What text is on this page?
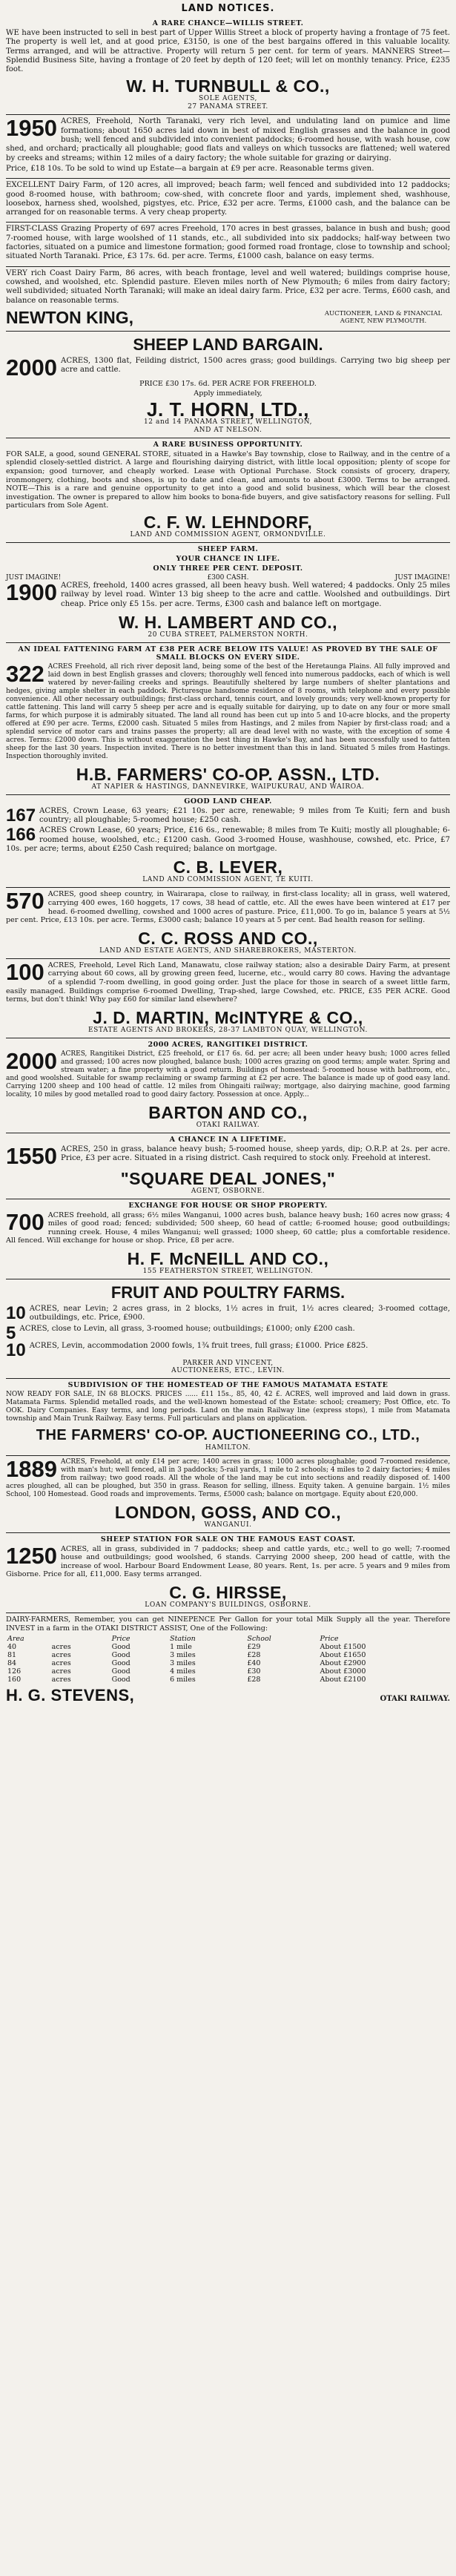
LAND NOTICES.
A RARE CHANCE—WILLIS STREET.

WE have been instructed to sell in best part of Upper Willis Street a block of property having a frontage of 75 feet. The property is well let, and at good price, £3150, is one of the best bargains offered in this valuable locality. Terms arranged, and will be attractive. Property will return 5 per cent. for term of years. MANNERS Street—Splendid Business Site, having a frontage of 20 feet by depth of 120 feet; will let on monthly tenancy. Price, £235 foot.

W. H. TURNBULL & CO.,
SOLE AGENTS,
27 PANAMA STREET.
1950 ACRES, Freehold, North Taranaki, very rich level, and undulating land on pumice and lime formations; about 1650 acres laid down in best of mixed English grasses and the balance in good bush; well fenced and subdivided into convenient paddocks; 6-roomed house, with wash house, cow shed, and orchard; practically all ploughable; good flats and valleys on which tussocks are flattened; well watered by creeks and streams; within 12 miles of a dairy factory; the whole suitable for grazing or dairying.

Price, £18 10s. To be sold to wind up Estate—a bargain at £9 per acre. Reasonable terms given.

EXCELLENT Dairy Farm, of 120 acres, all improved; beach farm; well fenced and subdivided into 12 paddocks; good 8-roomed house, with bathroom; cow-shed, with concrete floor and yards, implement shed, washhouse, loosebox, harness shed, woolshed, pigstyes, etc. Price, £32 per acre. Terms, £1000 cash, and the balance can be arranged for on reasonable terms. A very cheap property.

FIRST-CLASS Grazing Property of 697 acres Freehold, 170 acres in best grasses, balance in bush and bush; good 7-roomed house, with large woolshed of 11 stands, etc., all subdivided into six paddocks; half-way between two factories, situated on a pumice and limestone formation; good formed road frontage, close to township and school; situated North Taranaki. Price, £3 17s. 6d. per acre. Terms, £1000 cash, balance on easy terms.

VERY rich Coast Dairy Farm, 86 acres, with beach frontage, level and well watered; buildings comprise house, cowshed, and woolshed, etc. Splendid pasture. Eleven miles north of New Plymouth; 6 miles from dairy factory; well subdivided; situated North Taranaki; will make an ideal dairy farm. Price, £32 per acre. Terms, £600 cash, and balance on reasonable terms.

NEWTON KING,	AUCTIONEER, LAND & FINANCIAL AGENT, NEW PLYMOUTH.
SHEEP LAND BARGAIN.
2000 ACRES, 1300 flat, Feilding district, 1500 acres grass; good buildings. Carrying two big sheep per acre and cattle.

PRICE £30 17s. 6d. PER ACRE FOR FREEHOLD.
Apply immediately,
J. T. HORN, LTD.,
12 and 14 PANAMA STREET, WELLINGTON,
AND AT NELSON.
A RARE BUSINESS OPPORTUNITY.

FOR SALE, a good, sound GENERAL STORE, situated in a Hawke's Bay township, close to Railway, and in the centre of a splendid closely-settled district. A large and flourishing dairying district, with little local opposition; plenty of scope for expansion; good turnover, and cheaply worked. Lease with Optional Purchase. Stock consists of grocery, drapery, ironmongery, clothing, boots and shoes, is up to date and clean, and amounts to about £3000. Terms to be arranged. NOTE—This is a rare and genuine opportunity to get into a good and solid business, which will bear the closest investigation. The owner is prepared to allow him books to bona-fide buyers, and give satisfactory reasons for selling. Full particulars from Sole Agent.

C. F. W. LEHNDORF,
LAND AND COMMISSION AGENT, ORMONDVILLE.
SHEEP FARM.
YOUR CHANCE IN LIFE.
ONLY THREE PER CENT. DEPOSIT.
JUST IMAGINE!	£300 CASH.	JUST IMAGINE!
1900 ACRES, freehold, 1400 acres grassed, all been heavy bush. Well watered; 4 paddocks. Only 25 miles railway by level road. Winter 13 big sheep to the acre and cattle. Woolshed and outbuildings. Dirt cheap. Price only £5 15s. per acre. Terms, £300 cash and balance left on mortgage.

W. H. LAMBERT AND CO.,
20 CUBA STREET, PALMERSTON NORTH.
AN IDEAL FATTENING FARM AT £38 PER ACRE BELOW ITS VALUE! AS PROVED BY THE SALE OF SMALL BLOCKS ON EVERY SIDE.
322 ACRES Freehold, all rich river deposit land, being some of the best of the Heretaunga Plains. All fully improved and laid down in best English grasses and clovers; thoroughly well fenced into numerous paddocks, each of which is well watered by never-failing creeks and springs. Beautifully sheltered by large numbers of shelter plantations and hedges, giving ample shelter in each paddock. Picturesque handsome residence of 8 rooms, with telephone and every possible convenience. All other necessary outbuildings; first-class orchard, tennis court, and lovely grounds; very well-known property for cattle fattening. This land will carry 5 sheep per acre and is equally suitable for dairying, up to date on any four or more small farms, for which purpose it is admirably situated. The land all round has been cut up into 5 and 10-acre blocks, and the property offered at £90 per acre. Terms, £2000 cash. Situated 5 miles from Hastings, and 2 miles from Napier by first-class road; and a splendid service of motor cars and trains passes the property; all are dead level with no waste, with the exception of some 4 acres. Terms: £2000 down. This is without exaggeration the best thing in Hawke's Bay, and has been successfully used to fatten sheep for the last 30 years. Inspection invited. There is no better investment than this in land. Situated 5 miles from Hastings. Inspection thoroughly invited.

H.B. FARMERS' CO-OP. ASSN., LTD.
AT NAPIER & HASTINGS, DANNEVIRKE, WAIPUKURAU, AND WAIROA.
GOOD LAND CHEAP.
167 ACRES, Crown Lease, 63 years; £21 10s. per acre, renewable; 9 miles from Te Kuiti; fern and bush country; all ploughable; 5-roomed house; £250 cash.

166 ACRES Crown Lease, 60 years; Price, £16 6s., renewable; 8 miles from Te Kuiti; mostly all ploughable; 6-roomed house, woolshed, etc.; £1200 cash. Good 3-roomed House, washhouse, cowshed, etc. Price, £7 10s. per acre; terms, about £250 Cash required; balance on mortgage.

C. B. LEVER,
LAND AND COMMISSION AGENT, TE KUITI.
570 ACRES, good sheep country, in Wairarapa, close to railway, in first-class locality; all in grass, well watered, carrying 400 ewes, 160 hoggets, 17 cows, 38 head of cattle, etc. All the ewes have been wintered at £17 per head. 6-roomed dwelling, cowshed and 1000 acres of pasture. Price, £11,000. To go in, balance 5 years at 5½ per cent. Price, £13 10s. per acre. Terms, £3000 cash; balance 10 years at 5 per cent. Bad health reason for selling.

C. C. ROSS AND CO.,
LAND AND ESTATE AGENTS, AND SHAREBROKERS, MASTERTON.
100 ACRES, Freehold, Level Rich Land, Manawatu, close railway station; also a desirable Dairy Farm, at present carrying about 60 cows, all by growing green feed, lucerne, etc., would carry 80 cows. Having the advantage of a splendid 7-room dwelling, in good going order. Just the place for those in search of a sweet little farm, easily managed. Buildings comprise 6-roomed Dwelling, Trap-shed, large Cowshed, etc. PRICE, £35 PER ACRE. Good terms, but don't think! Why pay £60 for similar land elsewhere?

J. D. MARTIN, McINTYRE & CO.,
ESTATE AGENTS AND BROKERS, 28-37 LAMBTON QUAY, WELLINGTON.
2000 ACRES, RANGITIKEI DISTRICT.
2000 ACRES, Rangitikei District, £25 freehold, or £17 6s. 6d. per acre; all been under heavy bush; 1000 acres felled and grassed; 100 acres now ploughed, balance bush; 1000 acres grazing on good terms; ample water. Spring and stream water; a fine property with a good return. Buildings of homestead: 5-roomed house with bathroom, etc., and good woolshed. Suitable for swamp reclaiming or swamp farming at £2 per acre. The balance is made up of good easy land. Carrying 1200 sheep and 100 head of cattle. 12 miles from Ohingaiti railway; mortgage, also dairying machine, good farming locality, 10 miles by good metalled road to good dairy factory. Possession at once. Apply...

BARTON AND CO.,
OTAKI RAILWAY.
A CHANCE IN A LIFETIME.
1550 ACRES, 250 in grass, balance heavy bush; 5-roomed house, sheep yards, dip; O.R.P. at 2s. per acre. Price, £3 per acre. Situated in a rising district. Cash required to stock only. Freehold at interest.

"SQUARE DEAL JONES,"
AGENT, OSBORNE.
EXCHANGE FOR HOUSE OR SHOP PROPERTY.
700 ACRES freehold, all grass; 6½ miles Wanganui, 1000 acres bush, balance heavy bush; 160 acres now grass; 4 miles of good road; fenced; subdivided; 500 sheep, 60 head of cattle; 6-roomed house; good outbuildings; running creek. House, 4 miles Wanganui; well grassed; 1000 sheep, 60 cattle; plus a comfortable residence. All fenced. Will exchange for house or shop. Price, £8 per acre.

H. F. McNEILL AND CO.,
155 FEATHERSTON STREET, WELLINGTON.
FRUIT AND POULTRY FARMS.
10 ACRES, near Levin; 2 acres grass, in 2 blocks, 1½ acres in fruit, 1½ acres cleared; 3-roomed cottage, outbuildings, etc. Price, £900.

5 ACRES, close to Levin, all grass, 3-roomed house; outbuildings; £1000; only £200 cash.

10 ACRES, Levin, accommodation 2000 fowls, 1¾ fruit trees, full grass; £1000. Price £825.

PARKER AND VINCENT,
AUCTIONEERS, ETC., LEVIN.
SUBDIVISION OF THE HOMESTEAD OF THE FAMOUS MATAMATA ESTATE

NOW READY FOR SALE, IN 68 BLOCKS. PRICES ...... £11 15s., 85, 40, 42 £. ACRES, well improved and laid down in grass. Matamata Farms. Splendid metalled roads, and the well-known homestead of the Estate: school; creamery; Post Office, etc. To OOK. Dairy Companies. Easy terms, and long periods. Land on the main Railway line (express stops), 1 mile from Matamata township and Main Trunk Railway. Easy terms. Full particulars and plans on application.

THE FARMERS' CO-OP. AUCTIONEERING CO., LTD.,
HAMILTON.
1889 ACRES, Freehold, at only £14 per acre; 1400 acres in grass; 1000 acres ploughable; good 7-roomed residence, with man's hut; well fenced, all in 3 paddocks; 5-rail yards, 1 mile to 2 schools; 4 miles to 2 dairy factories; 4 miles from railway; two good roads. All the whole of the land may be cut into sections and readily disposed of. 1400 acres ploughed, all can be ploughed, but 350 in grass. Reason for selling, illness. Equity taken. A genuine bargain. 1½ miles School, 100 Homestead. Good roads and improvements. Terms, £5000 cash; balance on mortgage. Equity about £20,000.

LONDON, GOSS, AND CO.,
WANGANUI.
SHEEP STATION FOR SALE ON THE FAMOUS EAST COAST.
1250 ACRES, all in grass, subdivided in 7 paddocks; sheep and cattle yards, etc.; well to go well; 7-roomed house and outbuildings; good woolshed, 6 stands. Carrying 2000 sheep, 200 head of cattle, with the increase of wool. Harbour Board Endowment Lease, 80 years. Rent, 1s. per acre. 5 years and 9 miles from Gisborne. Price for all, £11,000. Easy terms arranged.

C. G. HIRSSE,
LOAN COMPANY'S BUILDINGS, OSBORNE.

DAIRY-FARMERS, Remember, you can get NINEPENCE Per Gallon for your total Milk Supply all the year. Therefore INVEST in a farm in the OTAKI DISTRICT ASSIST, One of the Following:

Area		Price	Station	School	Price
40	acres	Good	1 mile	£29	About £1500
81	acres	Good	3 miles	£28	About £1650
84	acres	Good	3 miles	£40	About £2900
126	acres	Good	4 miles	£30	About £3000
160	acres	Good	6 miles	£28	About £2100
H. G. STEVENS,	OTAKI RAILWAY.
